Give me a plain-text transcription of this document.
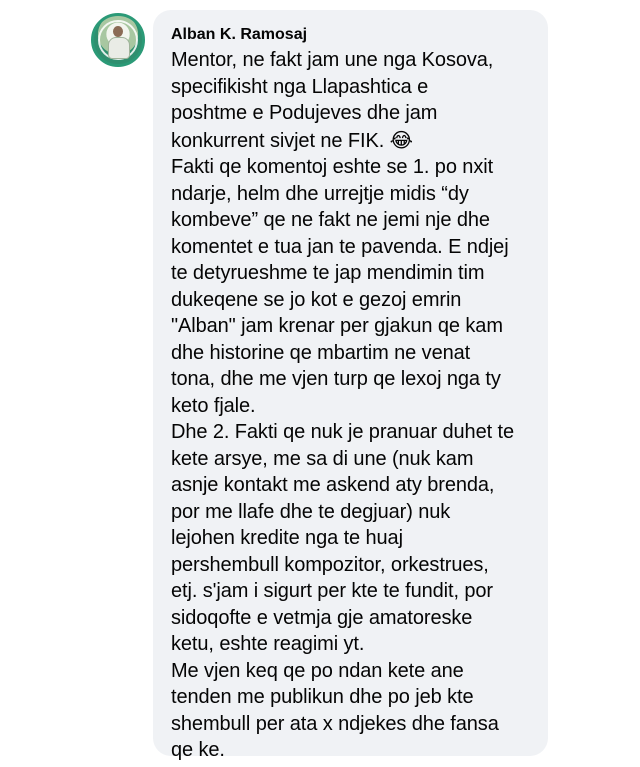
Alban K. Ramosaj

Mentor, ne fakt jam une nga Kosova,
specifikisht nga Llapashtica e
poshtme e Podujeves dhe jam
konkurrent sivjet ne FIK. 😂
Fakti qe komentoj eshte se 1. po nxit
ndarje, helm dhe urrejtje midis “dy
kombeve” qe ne fakt ne jemi nje dhe
komentet e tua jan te pavenda. E ndjej
te detyrueshme te jap mendimin tim
dukeqene se jo kot e gezoj emrin
"Alban" jam krenar per gjakun qe kam
dhe historine qe mbartim ne venat
tona, dhe me vjen turp qe lexoj nga ty
keto fjale.
Dhe 2. Fakti qe nuk je pranuar duhet te
kete arsye, me sa di une (nuk kam
asnje kontakt me askend aty brenda,
por me llafe dhe te degjuar) nuk
lejohen kredite nga te huaj
pershembull kompozitor, orkestrues,
etj. s'jam i sigurt per kte te fundit, por
sidoqofte e vetmja gje amatoreske
ketu, eshte reagimi yt.
Me vjen keq qe po ndan kete ane
tenden me publikun dhe po jeb kte
shembull per ata x ndjekes dhe fansa
qe ke.
